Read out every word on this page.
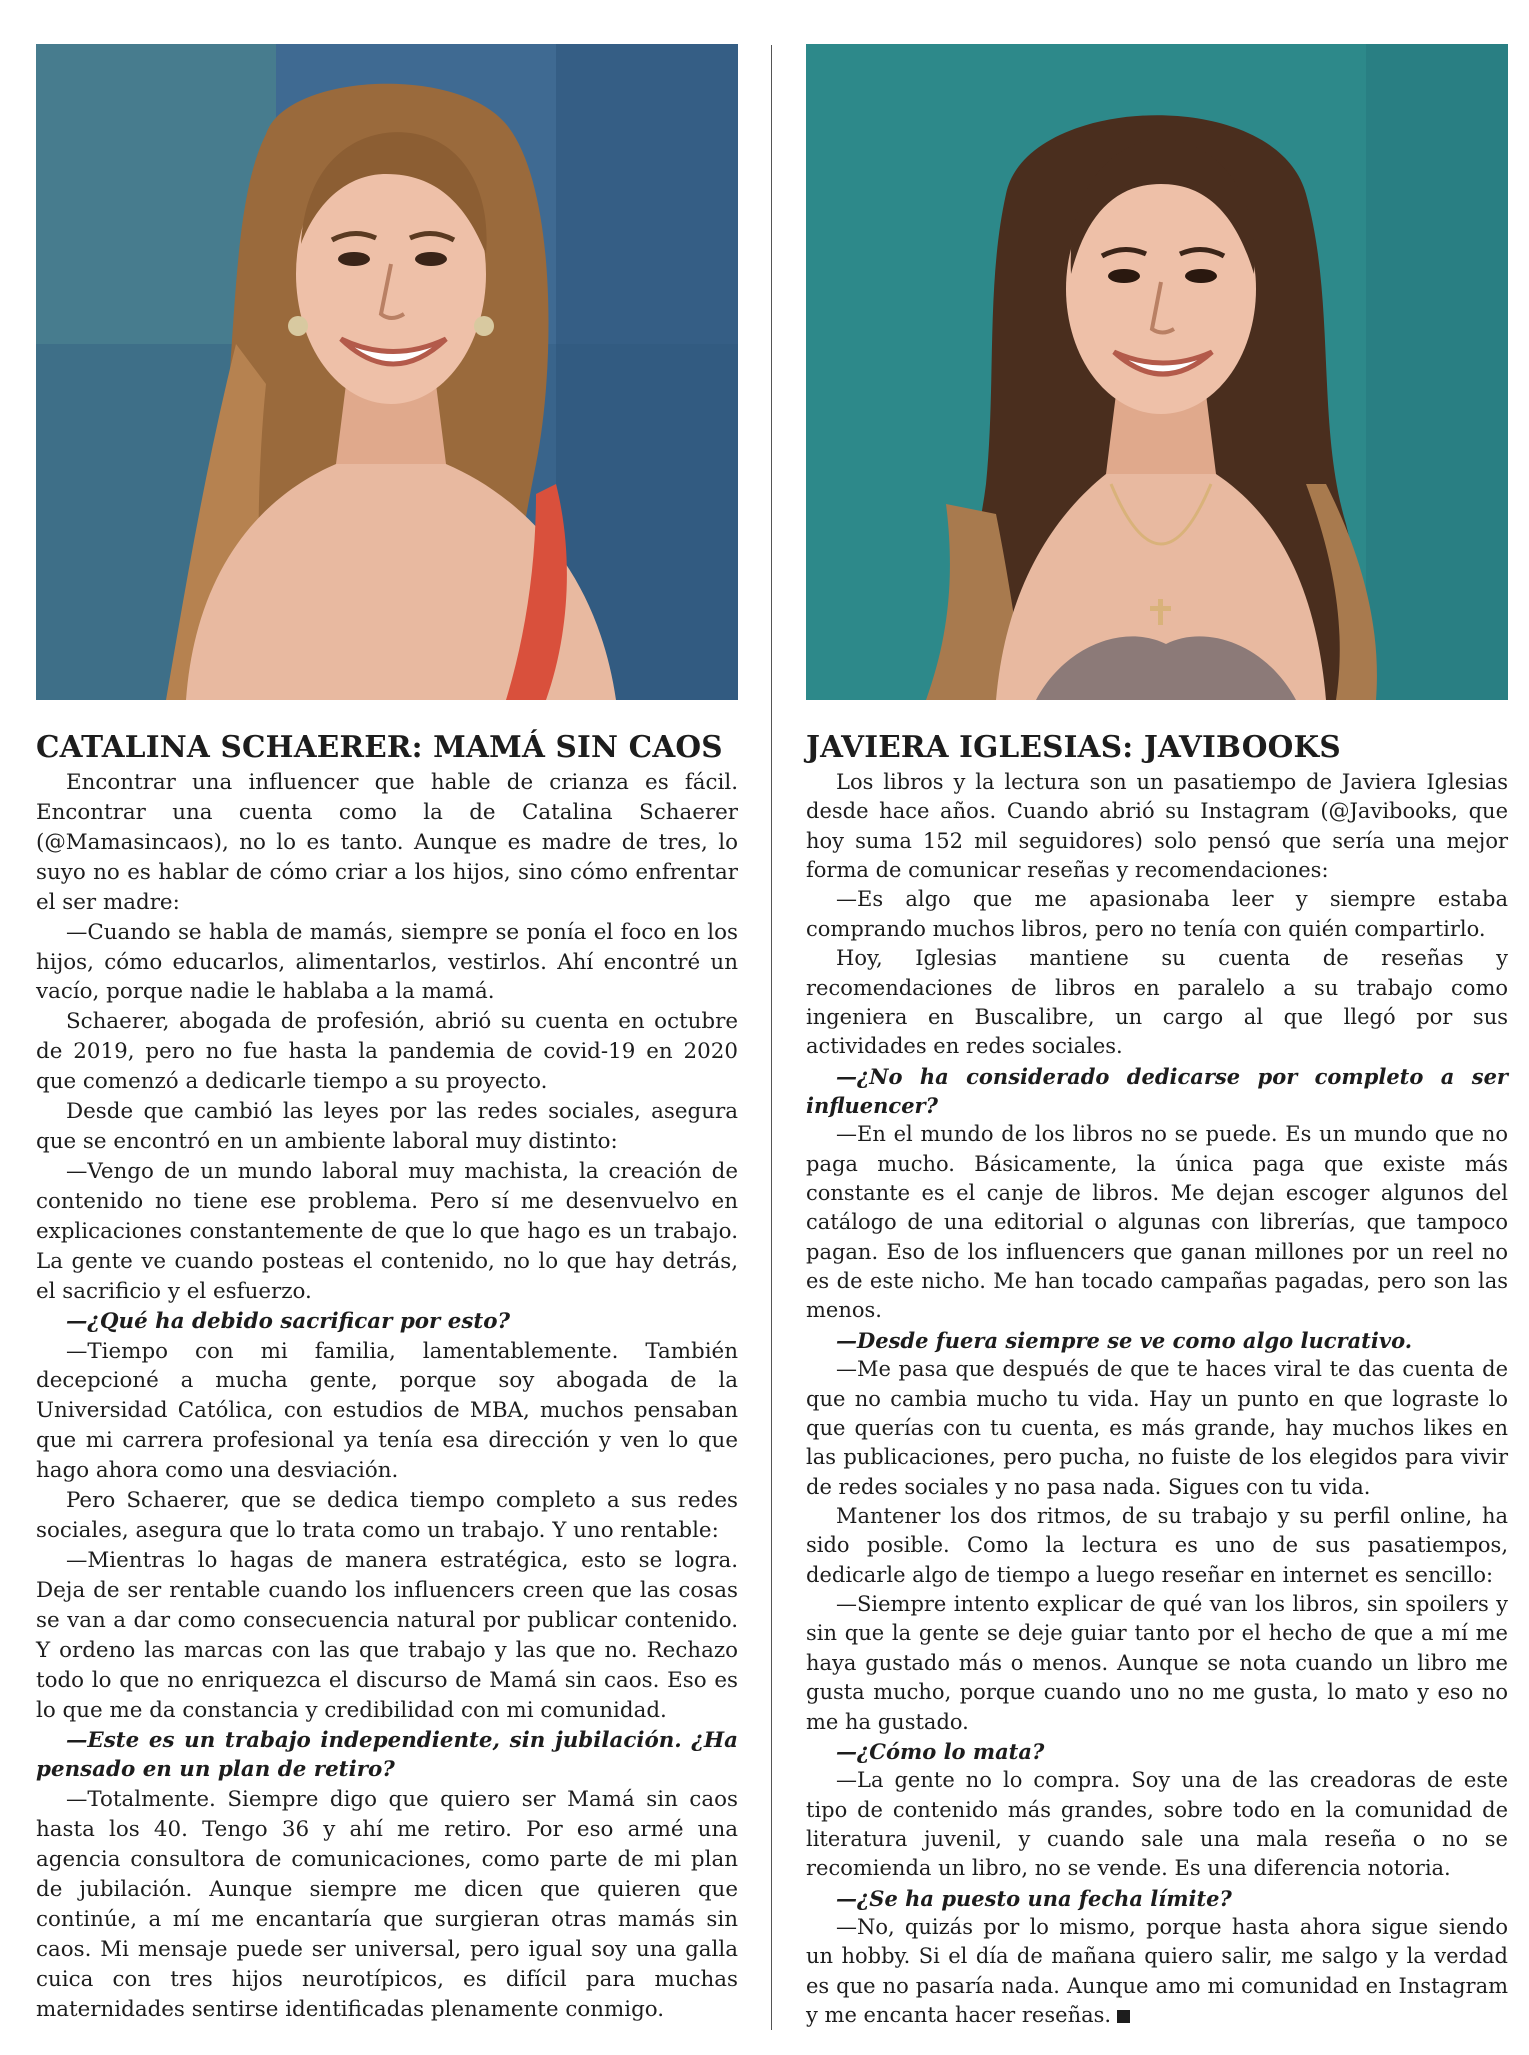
CATALINA SCHAERER: MAMÁ SIN CAOS

Encontrar una influencer que hable de crianza es fácil. Encontrar una cuenta como la de Catalina Schaerer (@Mamasincaos), no lo es tanto. Aunque es madre de tres, lo suyo no es hablar de cómo criar a los hijos, sino cómo enfrentar el ser madre:

—Cuando se habla de mamás, siempre se ponía el foco en los hijos, cómo educarlos, alimentarlos, vestirlos. Ahí encontré un vacío, porque nadie le hablaba a la mamá.

Schaerer, abogada de profesión, abrió su cuenta en octubre de 2019, pero no fue hasta la pandemia de covid-19 en 2020 que comenzó a dedicarle tiempo a su proyecto.

Desde que cambió las leyes por las redes sociales, asegura que se encontró en un ambiente laboral muy distinto:

—Vengo de un mundo laboral muy machista, la creación de contenido no tiene ese problema. Pero sí me desenvuelvo en explicaciones constantemente de que lo que hago es un trabajo. La gente ve cuando posteas el contenido, no lo que hay detrás, el sacrificio y el esfuerzo.

—¿Qué ha debido sacrificar por esto?

—Tiempo con mi familia, lamentablemente. También decepcioné a mucha gente, porque soy abogada de la Universidad Católica, con estudios de MBA, muchos pensaban que mi carrera profesional ya tenía esa dirección y ven lo que hago ahora como una desviación.

Pero Schaerer, que se dedica tiempo completo a sus redes sociales, asegura que lo trata como un trabajo. Y uno rentable:

—Mientras lo hagas de manera estratégica, esto se logra. Deja de ser rentable cuando los influencers creen que las cosas se van a dar como consecuencia natural por publicar contenido. Y ordeno las marcas con las que trabajo y las que no. Rechazo todo lo que no enriquezca el discurso de Mamá sin caos. Eso es lo que me da constancia y credibilidad con mi comunidad.

—Este es un trabajo independiente, sin jubilación. ¿Ha pensado en un plan de retiro?

—Totalmente. Siempre digo que quiero ser Mamá sin caos hasta los 40. Tengo 36 y ahí me retiro. Por eso armé una agencia consultora de comunicaciones, como parte de mi plan de jubilación. Aunque siempre me dicen que quieren que continúe, a mí me encantaría que surgieran otras mamás sin caos. Mi mensaje puede ser universal, pero igual soy una galla cuica con tres hijos neurotípicos, es difícil para muchas maternidades sentirse identificadas plenamente conmigo.

JAVIERA IGLESIAS: JAVIBOOKS

Los libros y la lectura son un pasatiempo de Javiera Iglesias desde hace años. Cuando abrió su Instagram (@Javibooks, que hoy suma 152 mil seguidores) solo pensó que sería una mejor forma de comunicar reseñas y recomendaciones:

—Es algo que me apasionaba leer y siempre estaba comprando muchos libros, pero no tenía con quién compartirlo.

Hoy, Iglesias mantiene su cuenta de reseñas y recomendaciones de libros en paralelo a su trabajo como ingeniera en Buscalibre, un cargo al que llegó por sus actividades en redes sociales.

—¿No ha considerado dedicarse por completo a ser influencer?

—En el mundo de los libros no se puede. Es un mundo que no paga mucho. Básicamente, la única paga que existe más constante es el canje de libros. Me dejan escoger algunos del catálogo de una editorial o algunas con librerías, que tampoco pagan. Eso de los influencers que ganan millones por un reel no es de este nicho. Me han tocado campañas pagadas, pero son las menos.

—Desde fuera siempre se ve como algo lucrativo.

—Me pasa que después de que te haces viral te das cuenta de que no cambia mucho tu vida. Hay un punto en que lograste lo que querías con tu cuenta, es más grande, hay muchos likes en las publicaciones, pero pucha, no fuiste de los elegidos para vivir de redes sociales y no pasa nada. Sigues con tu vida.

Mantener los dos ritmos, de su trabajo y su perfil online, ha sido posible. Como la lectura es uno de sus pasatiempos, dedicarle algo de tiempo a luego reseñar en internet es sencillo:

—Siempre intento explicar de qué van los libros, sin spoilers y sin que la gente se deje guiar tanto por el hecho de que a mí me haya gustado más o menos. Aunque se nota cuando un libro me gusta mucho, porque cuando uno no me gusta, lo mato y eso no me ha gustado.

—¿Cómo lo mata?

—La gente no lo compra. Soy una de las creadoras de este tipo de contenido más grandes, sobre todo en la comunidad de literatura juvenil, y cuando sale una mala reseña o no se recomienda un libro, no se vende. Es una diferencia notoria.

—¿Se ha puesto una fecha límite?

—No, quizás por lo mismo, porque hasta ahora sigue siendo un hobby. Si el día de mañana quiero salir, me salgo y la verdad es que no pasaría nada. Aunque amo mi comunidad en Instagram y me encanta hacer reseñas.
